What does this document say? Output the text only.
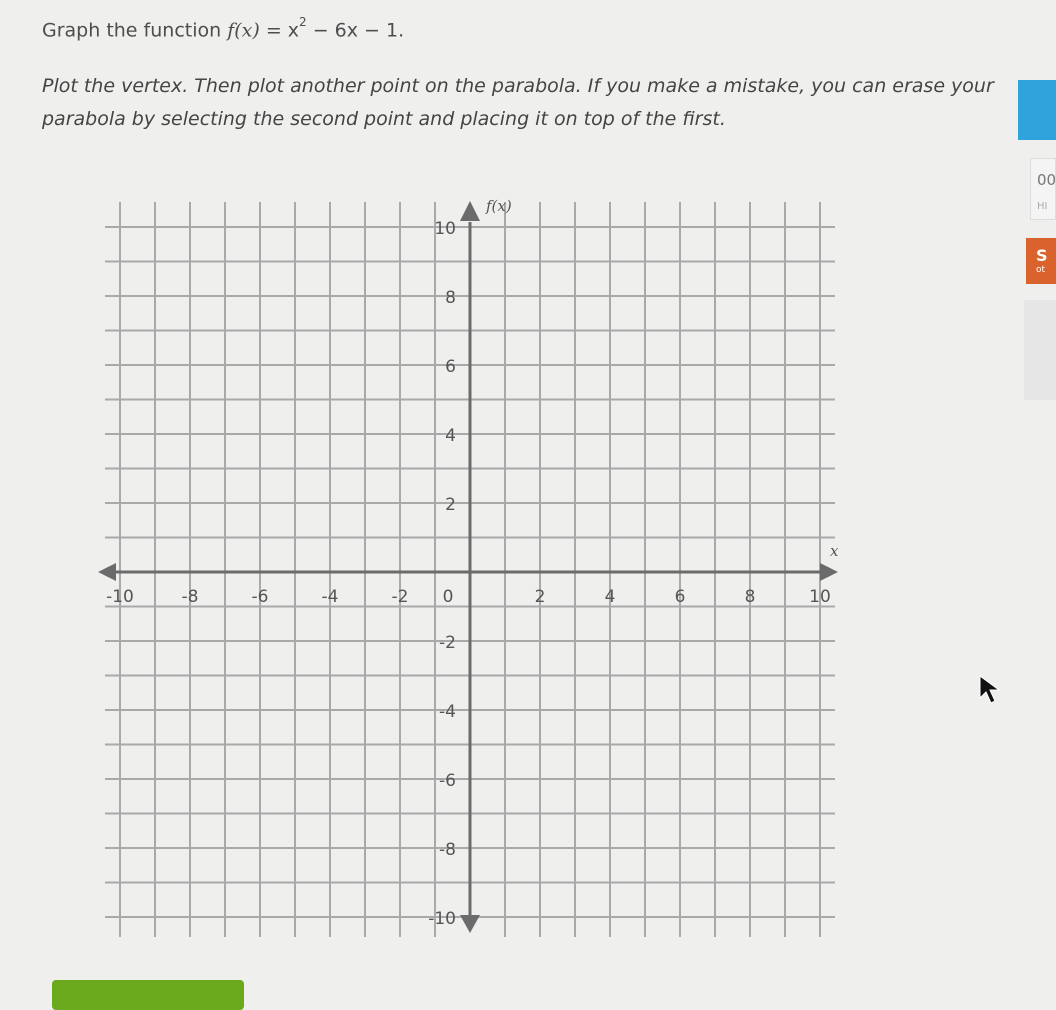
Graph the function $f(x) = x^2 - 6x - 1$.
Plot the vertex. Then plot another point on the parabola. If you make a mistake, you can erase your parabola by selecting the second point and placing it on top of the first.
00
HI
S
ot
x
f(x)
-10	-8	-6	-4	-2 0	2	4	6	8	10
10
8
6
4
2
-2
-4
-6
-8
-10
